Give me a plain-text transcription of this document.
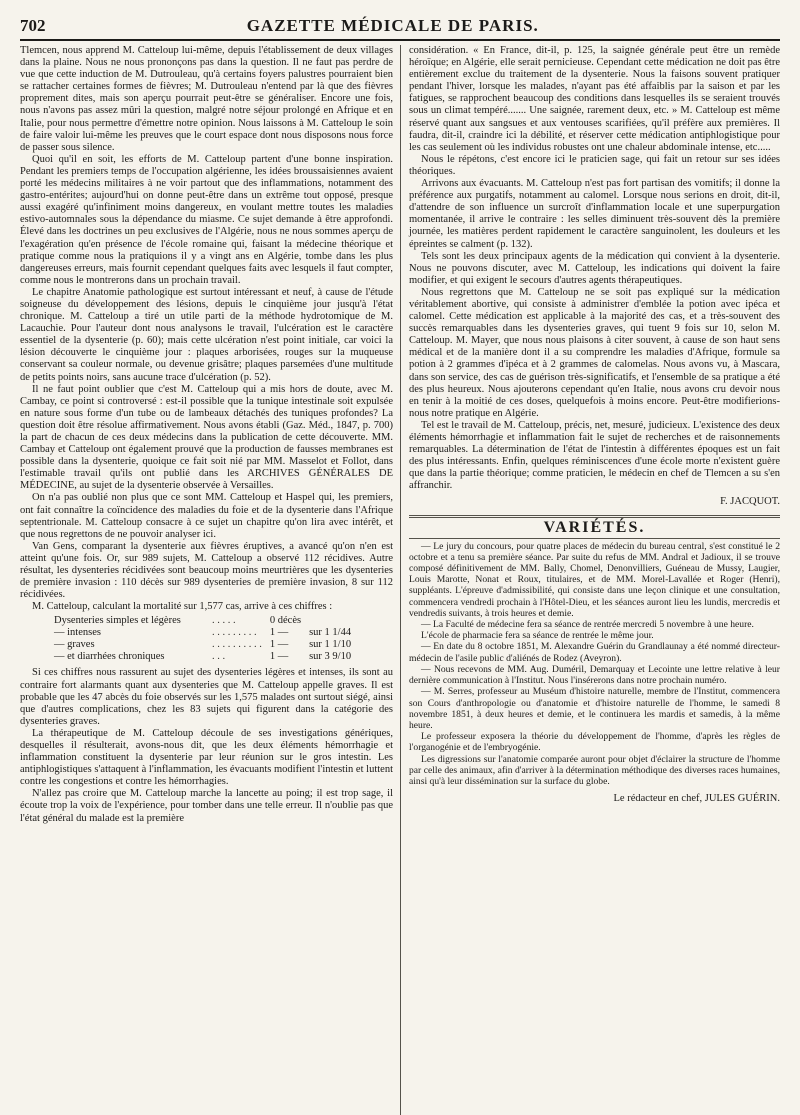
702	GAZETTE MÉDICALE DE PARIS.

Tlemcen, nous apprend M. Catteloup lui-même, depuis l'établissement de deux villages dans la plaine. Nous ne nous prononçons pas dans la question. Il ne faut pas perdre de vue que cette induction de M. Dutrouleau, qu'à certains foyers palustres pourraient bien se rattacher certaines formes de fièvres; M. Dutrouleau n'entend par là que des fièvres proprement dites, mais son aperçu pourrait peut-être se généraliser. Encore une fois, nous n'avons pas assez mûri la question, malgré notre séjour prolongé en Afrique et en Italie, pour nous permettre d'émettre notre opinion. Nous laissons à M. Catteloup le soin de faire valoir lui-même les preuves que le court espace dont nous disposons nous force de passer sous silence.

Quoi qu'il en soit, les efforts de M. Catteloup partent d'une bonne inspiration. Pendant les premiers temps de l'occupation algérienne, les idées broussaisiennes avaient porté les médecins militaires à ne voir partout que des inflammations, notamment des gastro-entérites; aujourd'hui on donne peut-être dans un extrême tout opposé, presque aussi exagéré qu'infiniment moins dangereux, en voulant mettre toutes les maladies estivo-automnales sous la dépendance du miasme. Ce sujet demande à être approfondi. Élevé dans les doctrines un peu exclusives de l'Algérie, nous ne nous sommes aperçu de l'exagération qu'en présence de l'école romaine qui, faisant la médecine théorique et pratique comme nous la pratiquions il y a vingt ans en Algérie, tombe dans les plus dangereuses erreurs, mais fournit cependant quelques faits avec lesquels il faut compter, comme nous le montrerons dans un prochain travail.

Le chapitre Anatomie pathologique est surtout intéressant et neuf, à cause de l'étude soigneuse du développement des lésions, depuis le cinquième jour jusqu'à l'état chronique. M. Catteloup a tiré un utile parti de la méthode hydrotomique de M. Lacauchie. Pour l'auteur dont nous analysons le travail, l'ulcération est le caractère essentiel de la dysenterie (p. 60); mais cette ulcération n'est point initiale, car voici la lésion découverte le cinquième jour : plaques arborisées, rouges sur la muqueuse conservant sa couleur normale, ou devenue grisâtre; plaques parsemées d'une multitude de petits points noirs, sans aucune trace d'ulcération (p. 52).

Il ne faut point oublier que c'est M. Catteloup qui a mis hors de doute, avec M. Cambay, ce point si controversé : est-il possible que la tunique intestinale soit expulsée en nature sous forme d'un tube ou de lambeaux détachés des tuniques profondes? La question doit être résolue affirmativement. Nous avons établi (Gaz. Méd., 1847, p. 700) la part de chacun de ces deux médecins dans la publication de cette découverte. MM. Cambay et Catteloup ont également prouvé que la production de fausses membranes est possible dans la dysenterie, quoique ce fait soit nié par MM. Masselot et Follot, dans l'estimable travail qu'ils ont publié dans les ARCHIVES GÉNÉRALES DE MÉDECINE, au sujet de la dysenterie observée à Versailles.

On n'a pas oublié non plus que ce sont MM. Catteloup et Haspel qui, les premiers, ont fait connaître la coïncidence des maladies du foie et de la dysenterie dans l'Afrique septentrionale. M. Catteloup consacre à ce sujet un chapitre qu'on lira avec intérêt, et que nous regrettons de ne pouvoir analyser ici.

Van Gens, comparant la dysenterie aux fièvres éruptives, a avancé qu'on n'en est atteint qu'une fois. Or, sur 989 sujets, M. Catteloup a observé 112 récidives. Autre résultat, les dysenteries récidivées sont beaucoup moins meurtrières que les dysenteries de première invasion : 110 décès sur 989 dysenteries de première invasion, 8 sur 112 récidivées.

M. Catteloup, calculant la mortalité sur 1,577 cas, arrive à ces chiffres :

Dysenteries simples et légères	. . . . .	0 décès	
— intenses	. . . . . . . . .	1 —	sur 1 1/44
— graves	. . . . . . . . . .	1 —	sur 1 1/10
— et diarrhées chroniques	. . .	1 —	sur 3 9/10

Si ces chiffres nous rassurent au sujet des dysenteries légères et intenses, ils sont au contraire fort alarmants quant aux dysenteries que M. Catteloup appelle graves. Il est probable que les 47 abcès du foie observés sur les 1,575 malades ont surtout siégé, ainsi que d'autres complications, chez les 83 sujets qui figurent dans la catégorie des dysenteries graves.

La thérapeutique de M. Catteloup découle de ses investigations génériques, desquelles il résulterait, avons-nous dit, que les deux éléments hémorrhagie et inflammation constituent la dysenterie par leur réunion sur le gros intestin. Les antiphlogistiques s'attaquent à l'inflammation, les évacuants modifient l'intestin et luttent contre les congestions et contre les hémorrhagies.

N'allez pas croire que M. Catteloup marche la lancette au poing; il est trop sage, il écoute trop la voix de l'expérience, pour tomber dans une telle erreur. Il n'oublie pas que l'état général du malade est la première

considération. « En France, dit-il, p. 125, la saignée générale peut être un remède héroïque; en Algérie, elle serait pernicieuse. Cependant cette médication ne doit pas être entièrement exclue du traitement de la dysenterie. Nous la faisons souvent pratiquer pendant l'hiver, lorsque les malades, n'ayant pas été affaiblis par la saison et par les fatigues, se rapprochent beaucoup des conditions dans lesquelles ils se seraient trouvés sous un climat tempéré....... Une saignée, rarement deux, etc. » M. Catteloup est même réservé quant aux sangsues et aux ventouses scarifiées, qu'il préfère aux premières. Il faudra, dit-il, craindre ici la débilité, et réserver cette médication antiphlogistique pour les cas seulement où les individus robustes ont une chaleur abdominale intense, etc.....

Nous le répétons, c'est encore ici le praticien sage, qui fait un retour sur ses idées théoriques.

Arrivons aux évacuants. M. Catteloup n'est pas fort partisan des vomitifs; il donne la préférence aux purgatifs, notamment au calomel. Lorsque nous serions en droit, dit-il, d'attendre de son influence un surcroît d'inflammation locale et une superpurgation momentanée, il arrive le contraire : les selles diminuent très-souvent dès la première journée, les matières perdent rapidement le caractère sanguinolent, les douleurs et les épreintes se calment (p. 132).

Tels sont les deux principaux agents de la médication qui convient à la dysenterie. Nous ne pouvons discuter, avec M. Catteloup, les indications qui doivent la faire modifier, et qui exigent le secours d'autres agents thérapeutiques.

Nous regrettons que M. Catteloup ne se soit pas expliqué sur la médication véritablement abortive, qui consiste à administrer d'emblée la potion avec ipéca et calomel. Cette médication est applicable à la majorité des cas, et a très-souvent des succès remarquables dans les dysenteries graves, qui tuent 9 fois sur 10, selon M. Catteloup. M. Mayer, que nous nous plaisons à citer souvent, à cause de son haut sens médical et de la manière dont il a su comprendre les maladies d'Afrique, formule sa potion à 2 grammes d'ipéca et à 2 grammes de calomelas. Nous avons vu, à Mascara, dans son service, des cas de guérison très-significatifs, et l'ensemble de sa pratique a été des plus heureux. Nous ajouterons cependant qu'en Italie, nous avons cru devoir nous en tenir à la moitié de ces doses, quelquefois à moins encore. Peut-être modifierions-nous notre pratique en Algérie.

Tel est le travail de M. Catteloup, précis, net, mesuré, judicieux. L'existence des deux éléments hémorrhagie et inflammation fait le sujet de recherches et de raisonnements remarquables. La détermination de l'état de l'intestin à différentes époques est un fait des plus intéressants. Enfin, quelques réminiscences d'une école morte n'existent guère que dans la partie théorique; comme praticien, le médecin en chef de Tlemcen a su s'en affranchir.

F. JACQUOT.
VARIÉTÉS.

— Le jury du concours, pour quatre places de médecin du bureau central, s'est constitué le 2 octobre et a tenu sa première séance. Par suite du refus de MM. Andral et Jadioux, il se trouve composé définitivement de MM. Bally, Chomel, Denonvilliers, Guéneau de Mussy, Laugier, Louis Marotte, Nonat et Roux, titulaires, et de MM. Morel-Lavallée et Roger (Henri), suppléants. L'épreuve d'admissibilité, qui consiste dans une leçon clinique et une consultation, commencera vendredi prochain à l'Hôtel-Dieu, et les séances auront lieu les lundis, mercredis et vendredis suivants, à trois heures et demie.

— La Faculté de médecine fera sa séance de rentrée mercredi 5 novembre à une heure.

L'école de pharmacie fera sa séance de rentrée le même jour.

— En date du 8 octobre 1851, M. Alexandre Guérin du Grandlaunay a été nommé directeur-médecin de l'asile public d'aliénés de Rodez (Aveyron).

— Nous recevons de MM. Aug. Duméril, Demarquay et Lecointe une lettre relative à leur dernière communication à l'Institut. Nous l'insérerons dans notre prochain numéro.

— M. Serres, professeur au Muséum d'histoire naturelle, membre de l'Institut, commencera son Cours d'anthropologie ou d'anatomie et d'histoire naturelle de l'homme, le samedi 8 novembre 1851, à deux heures et demie, et le continuera les mardis et samedis, à la même heure.

Le professeur exposera la théorie du développement de l'homme, d'après les règles de l'organogénie et de l'embryogénie.

Les digressions sur l'anatomie comparée auront pour objet d'éclairer la structure de l'homme par celle des animaux, afin d'arriver à la détermination méthodique des diverses races humaines, ainsi qu'à leur dissémination sur la surface du globe.

Le rédacteur en chef, JULES GUÉRIN.
